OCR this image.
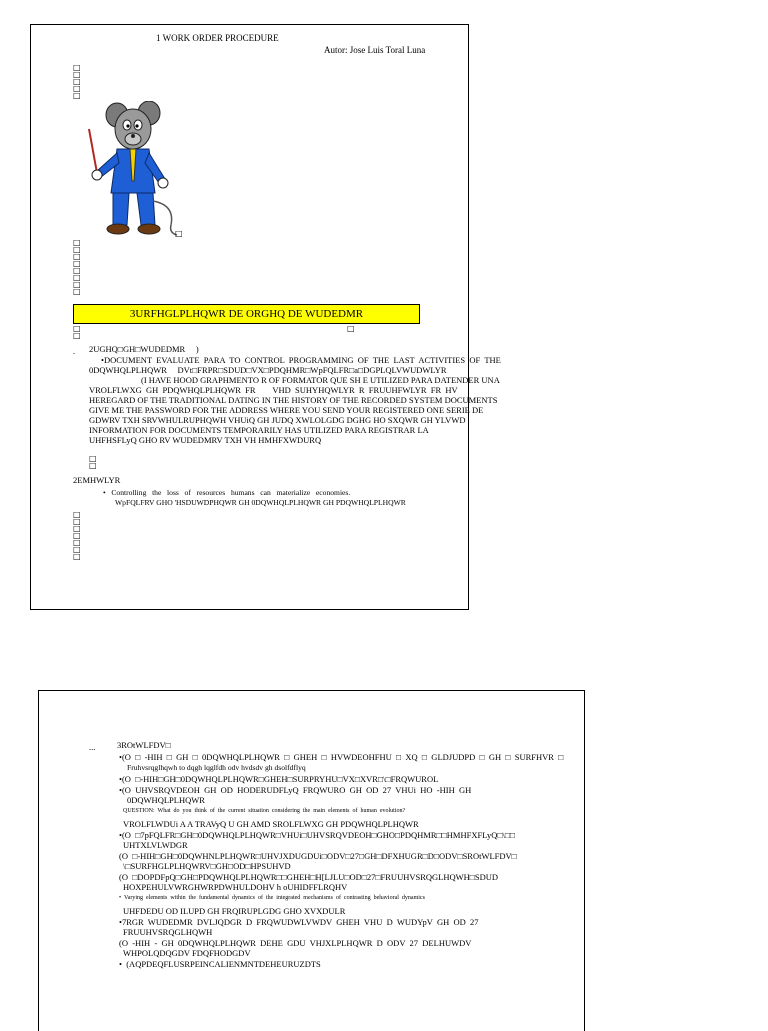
1 WORK ORDER PROCEDURE
Autor: Jose Luis Toral Luna
□
□
□
□
□
□
□
□
□
□
□
□
□
□
3URFHGLPLHQWR DE ORGHQ DE WUDEDMR
□
□
□
. 2UGHQ□GH□WUDEDMR     )
•DOCUMENT  EVALUATE  PARA  TO  CONTROL  PROGRAMMING  OF  THE  LAST  ACTIVITIES  OF  THE
0DQWHQLPLHQWR     DVt□FRPR□SDUD□VX□PDQHMR□WpFQLFR□a□DGPLQLVWUDWLYR
(I HAVE HOOD GRAPHMENTO R OF FORMATOR QUE SH E UTILIZED PARA DATENDER UNA
VROLFLWXG  GH  PDQWHQLPLHQWR  FR        VHD  SUHYHQWLYR  R  FRUUHFWLYR  FR  HV
HEREGARD OF THE TRADITIONAL DATING IN THE HISTORY OF THE RECORDED SYSTEM DOCUMENTS
GIVE ME THE PASSWORD FOR THE ADDRESS WHERE YOU SEND YOUR REGISTERED ONE SERIE DE
GDWRV TXH SRVWHULRUPHQWH VHUiQ GH JUDQ XWLOLGDG DGHG HO SXQWR GH YLVWD
INFORMATION FOR DOCUMENTS TEMPORARILY HAS UTILIZED PARA REGISTRAR LA
UHFHSFLyQ GHO RV WUDEDMRV TXH VH HMHFXWDURQ
□
□
2EMHWLYR
•   Controlling   the   loss   of   resources   humans   can   materialize   economies.
WpFQLFRV GHO 'HSDUWDPHQWR GH 0DQWHQLPLHQWR GH PDQWHQLPLHQWR
□
□
□
□
□
□
□
...	3ROtWLFDV□
•(O  □  -HIH  □  GH  □  0DQWHQLPLHQWR  □  GHEH  □  HVWDEOHFHU  □  XQ  □  GLDJUDPD  □  GH  □  SURFHVR  □
Fruhvsrqglhqwh to dqgh lqglfdh odv hvdsdv gh dsolfdflyq
•(O  □-HIH□GH□0DQWHQLPLHQWR□GHEH□SURPRYHU□VX□XVR□\□FRQWUROL
•(O  UHVSRQVDEOH  GH  OD  HODERUDFLyQ  FRQWURO  GH  OD  27  VHUi  HO  -HIH  GH
0DQWHQLPLHQWR
QUESTION:  What  do  you  think  of  the  current  situation  considering  the  main  elements  of  human  evolution?
VROLFLWDUi A A TRAVyQ U GH AMD SROLFLWXG GH PDQWHQLPLHQWR
•(O  □7pFQLFR□GH□0DQWHQLPLHQWR□VHUi□UHVSRQVDEOH□GHO□PDQHMR□□HMHFXFLyQ□\□□
UHTXLVLWDGR
(O  □-HIH□GH□0DQWHNLPLHQWR□UHVJXDUGDUi□ODV□27□GH□DFXHUGR□D□ODV□SROtWLFDV□
\□SURFHGLPLHQWRV□GH□OD□HPSUHVD
(O  □DOPDFpQ□GH□PDQWHQLPLHQWR□□GHEH□H[LJLU□OD□27□FRUUHVSRQGLHQWH□SDUD
HOXPEHULVWRGHWRPDWHULDOHV h oUHIDFFLRQHV
•  Varying  elements  within  the  fundamental  dynamics  of  the  integrated  mechanisms  of  contrasting  behavioral  dynamics
UHFDEDU OD ILUPD GH FRQIRUPLGDG GHO XVXDULR
•7RGR  WUDEDMR  DVLJQDGR  D  FRQWUDWLVWDV  GHEH  VHU  D  WUDYpV  GH  OD  27
FRUUHVSRQGLHQWH
(O  -HIH  -  GH  0DQWHQLPLHQWR  DEHE  GDU  VHJXLPLHQWR  D  ODV  27  DELHUWDV
WHPOLQDQGDV FDQFHODGDV
•  (AQPDEQFLUSRPEINCALIENMNTDEHEURUZDTS
